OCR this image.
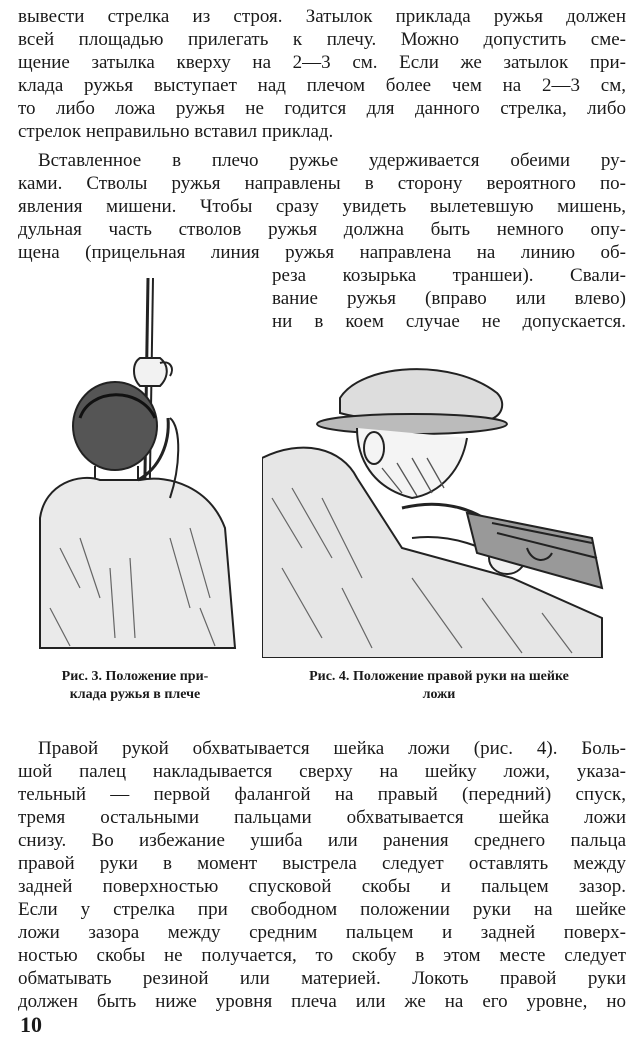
вывести стрелка из строя. Затылок приклада ружья должен
всей площадью прилегать к плечу. Можно допустить сме-
щение затылка кверху на 2—3 см. Если же затылок при-
клада ружья выступает над плечом более чем на 2—3 см,
то либо ложа ружья не годится для данного стрелка, либо
стрелок неправильно вставил приклад.
Вставленное в плечо ружье удерживается обеими ру-
ками. Стволы ружья направлены в сторону вероятного по-
явления мишени. Чтобы сразу увидеть вылетевшую мишень,
дульная часть стволов ружья должна быть немного опу-
щена (прицельная линия ружья направлена на линию об-
реза козырька траншеи). Свали-
вание ружья (вправо или влево)
ни в коем случае не допускается.
Рис. 3. Положение при-
клада ружья в плече
Рис. 4. Положение правой руки на шейке
ложи
Правой рукой обхватывается шейка ложи (рис. 4). Боль-
шой палец накладывается сверху на шейку ложи, указа-
тельный — первой фалангой на правый (передний) спуск,
тремя остальными пальцами обхватывается шейка ложи
снизу. Во избежание ушиба или ранения среднего пальца
правой руки в момент выстрела следует оставлять между
задней поверхностью спусковой скобы и пальцем зазор.
Если у стрелка при свободном положении руки на шейке
ложи зазора между средним пальцем и задней поверх-
ностью скобы не получается, то скобу в этом месте следует
обматывать резиной или материей. Локоть правой руки
должен быть ниже уровня плеча или же на его уровне, но
10
